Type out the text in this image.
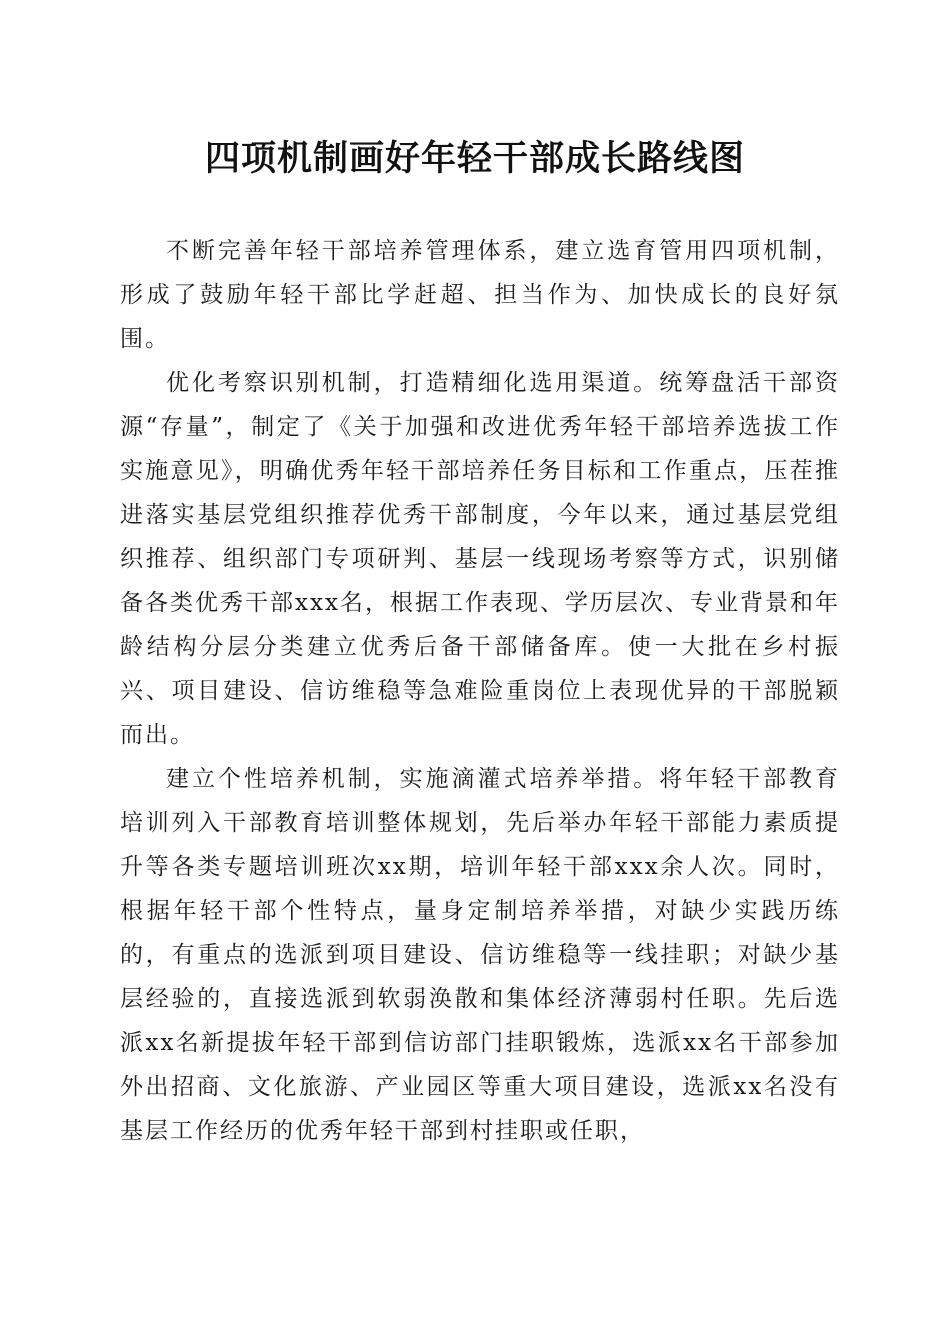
四项机制画好年轻干部成长路线图

不断完善年轻干部培养管理体系，建立选育管用四项机制，形成了鼓励年轻干部比学赶超、担当作为、加快成长的良好氛围。

优化考察识别机制，打造精细化选用渠道。统筹盘活干部资源“存量”，制定了《关于加强和改进优秀年轻干部培养选拔工作实施意见》，明确优秀年轻干部培养任务目标和工作重点，压茬推进落实基层党组织推荐优秀干部制度，今年以来，通过基层党组织推荐、组织部门专项研判、基层一线现场考察等方式，识别储备各类优秀干部xxx名，根据工作表现、学历层次、专业背景和年龄结构分层分类建立优秀后备干部储备库。使一大批在乡村振兴、项目建设、信访维稳等急难险重岗位上表现优异的干部脱颖而出。

建立个性培养机制，实施滴灌式培养举措。将年轻干部教育培训列入干部教育培训整体规划，先后举办年轻干部能力素质提升等各类专题培训班次xx期，培训年轻干部xxx余人次。同时，根据年轻干部个性特点，量身定制培养举措，对缺少实践历练的，有重点的选派到项目建设、信访维稳等一线挂职；对缺少基层经验的，直接选派到软弱涣散和集体经济薄弱村任职。先后选派xx名新提拔年轻干部到信访部门挂职锻炼，选派xx名干部参加外出招商、文化旅游、产业园区等重大项目建设，选派xx名没有基层工作经历的优秀年轻干部到村挂职或任职，
